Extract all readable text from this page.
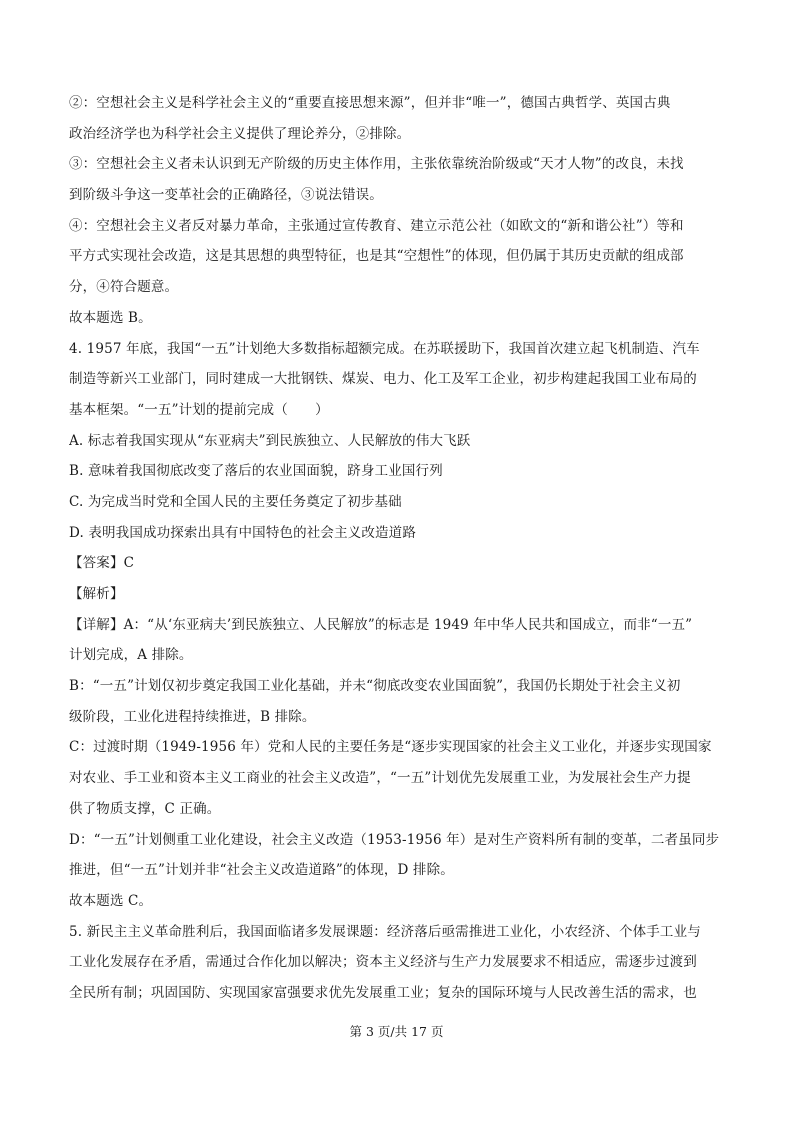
②：空想社会主义是科学社会主义的“重要直接思想来源”，但并非“唯一”，德国古典哲学、英国古典
政治经济学也为科学社会主义提供了理论养分，②排除。
③：空想社会主义者未认识到无产阶级的历史主体作用，主张依靠统治阶级或“天才人物”的改良，未找
到阶级斗争这一变革社会的正确路径，③说法错误。
④：空想社会主义者反对暴力革命，主张通过宣传教育、建立示范公社（如欧文的“新和谐公社”）等和
平方式实现社会改造，这是其思想的典型特征，也是其“空想性”的体现，但仍属于其历史贡献的组成部
分，④符合题意。
故本题选 B。
4. 1957 年底，我国“一五”计划绝大多数指标超额完成。在苏联援助下，我国首次建立起飞机制造、汽车
制造等新兴工业部门，同时建成一大批钢铁、煤炭、电力、化工及军工企业，初步构建起我国工业布局的
基本框架。“一五”计划的提前完成（　　）
A. 标志着我国实现从“东亚病夫”到民族独立、人民解放的伟大飞跃
B. 意味着我国彻底改变了落后的农业国面貌，跻身工业国行列
C. 为完成当时党和全国人民的主要任务奠定了初步基础
D. 表明我国成功探索出具有中国特色的社会主义改造道路
【答案】C
【解析】
【详解】A：“从‘东亚病夫’到民族独立、人民解放”的标志是 1949 年中华人民共和国成立，而非“一五”
计划完成，A 排除。
B：“一五”计划仅初步奠定我国工业化基础，并未“彻底改变农业国面貌”，我国仍长期处于社会主义初
级阶段，工业化进程持续推进，B 排除。
C：过渡时期（1949-1956 年）党和人民的主要任务是“逐步实现国家的社会主义工业化，并逐步实现国家
对农业、手工业和资本主义工商业的社会主义改造”，“一五”计划优先发展重工业，为发展社会生产力提
供了物质支撑，C 正确。
D：“一五”计划侧重工业化建设，社会主义改造（1953-1956 年）是对生产资料所有制的变革，二者虽同步
推进，但“一五”计划并非“社会主义改造道路”的体现，D 排除。
故本题选 C。
5. 新民主主义革命胜利后，我国面临诸多发展课题：经济落后亟需推进工业化，小农经济、个体手工业与
工业化发展存在矛盾，需通过合作化加以解决；资本主义经济与生产力发展要求不相适应，需逐步过渡到
全民所有制；巩固国防、实现国家富强要求优先发展重工业；复杂的国际环境与人民改善生活的需求，也
第 3 页/共 17 页
